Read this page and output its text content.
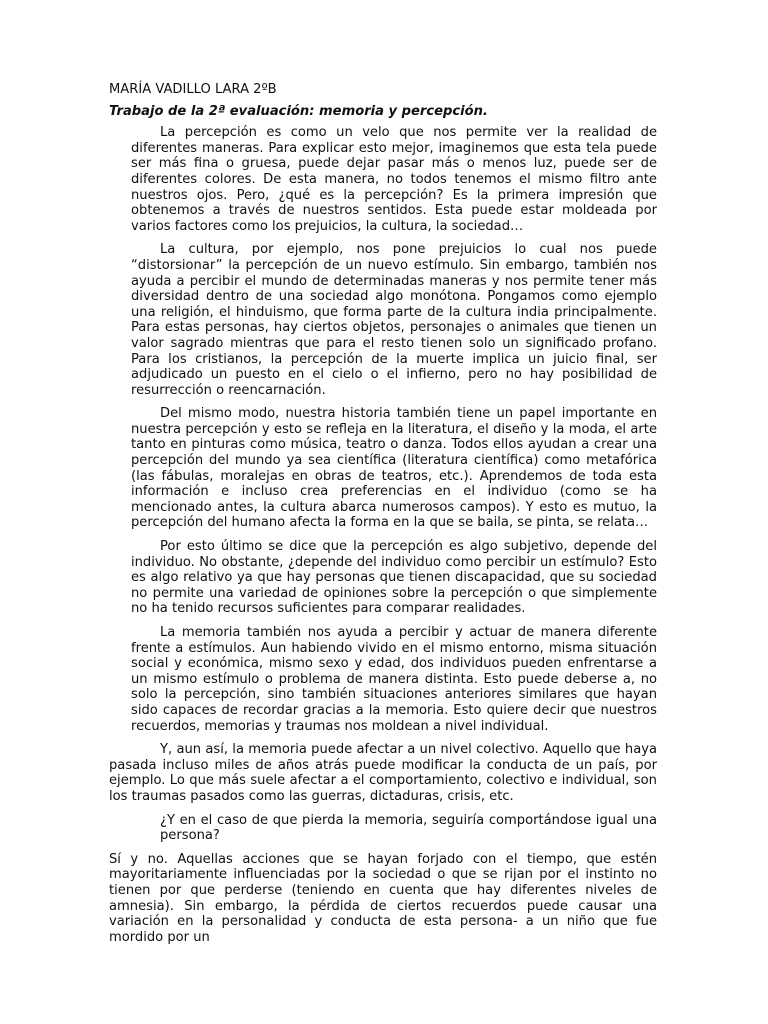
MARÍA VADILLO LARA 2ºB

Trabajo de la 2ª evaluación: memoria y percepción.

La percepción es como un velo que nos permite ver la realidad de diferentes maneras. Para explicar esto mejor, imaginemos que esta tela puede ser más fina o gruesa, puede dejar pasar más o menos luz, puede ser de diferentes colores. De esta manera, no todos tenemos el mismo filtro ante nuestros ojos. Pero, ¿qué es la percepción? Es la primera impresión que obtenemos a través de nuestros sentidos. Esta puede estar moldeada por varios factores como los prejuicios, la cultura, la sociedad…

La cultura, por ejemplo, nos pone prejuicios lo cual nos puede “distorsionar” la percepción de un nuevo estímulo. Sin embargo, también nos ayuda a percibir el mundo de determinadas maneras y nos permite tener más diversidad dentro de una sociedad algo monótona. Pongamos como ejemplo una religión, el hinduismo, que forma parte de la cultura india principalmente. Para estas personas, hay ciertos objetos, personajes o animales que tienen un valor sagrado mientras que para el resto tienen solo un significado profano. Para los cristianos, la percepción de la muerte implica un juicio final, ser adjudicado un puesto en el cielo o el infierno, pero no hay posibilidad de resurrección o reencarnación.

Del mismo modo, nuestra historia también tiene un papel importante en nuestra percepción y esto se refleja en la literatura, el diseño y la moda, el arte tanto en pinturas como música, teatro o danza. Todos ellos ayudan a crear una percepción del mundo ya sea científica (literatura científica) como metafórica (las fábulas, moralejas en obras de teatros, etc.). Aprendemos de toda esta información e incluso crea preferencias en el individuo (como se ha mencionado antes, la cultura abarca numerosos campos). Y esto es mutuo, la percepción del humano afecta la forma en la que se baila, se pinta, se relata…

Por esto último se dice que la percepción es algo subjetivo, depende del individuo. No obstante, ¿depende del individuo como percibir un estímulo? Esto es algo relativo ya que hay personas que tienen discapacidad, que su sociedad no permite una variedad de opiniones sobre la percepción o que simplemente no ha tenido recursos suficientes para comparar realidades.

La memoria también nos ayuda a percibir y actuar de manera diferente frente a estímulos. Aun habiendo vivido en el mismo entorno, misma situación social y económica, mismo sexo y edad, dos individuos pueden enfrentarse a un mismo estímulo o problema de manera distinta. Esto puede deberse a, no solo la percepción, sino también situaciones anteriores similares que hayan sido capaces de recordar gracias a la memoria. Esto quiere decir que nuestros recuerdos, memorias y traumas nos moldean a nivel individual.

Y, aun así, la memoria puede afectar a un nivel colectivo. Aquello que haya pasada incluso miles de años atrás puede modificar la conducta de un país, por ejemplo. Lo que más suele afectar a el comportamiento, colectivo e individual, son los traumas pasados como las guerras, dictaduras, crisis, etc.

¿Y en el caso de que pierda la memoria, seguiría comportándose igual una persona?

Sí y no. Aquellas acciones que se hayan forjado con el tiempo, que estén mayoritariamente influenciadas por la sociedad o que se rijan por el instinto no tienen por que perderse (teniendo en cuenta que hay diferentes niveles de amnesia). Sin embargo, la pérdida de ciertos recuerdos puede causar una variación en la personalidad y conducta de esta persona- a un niño que fue mordido por un
